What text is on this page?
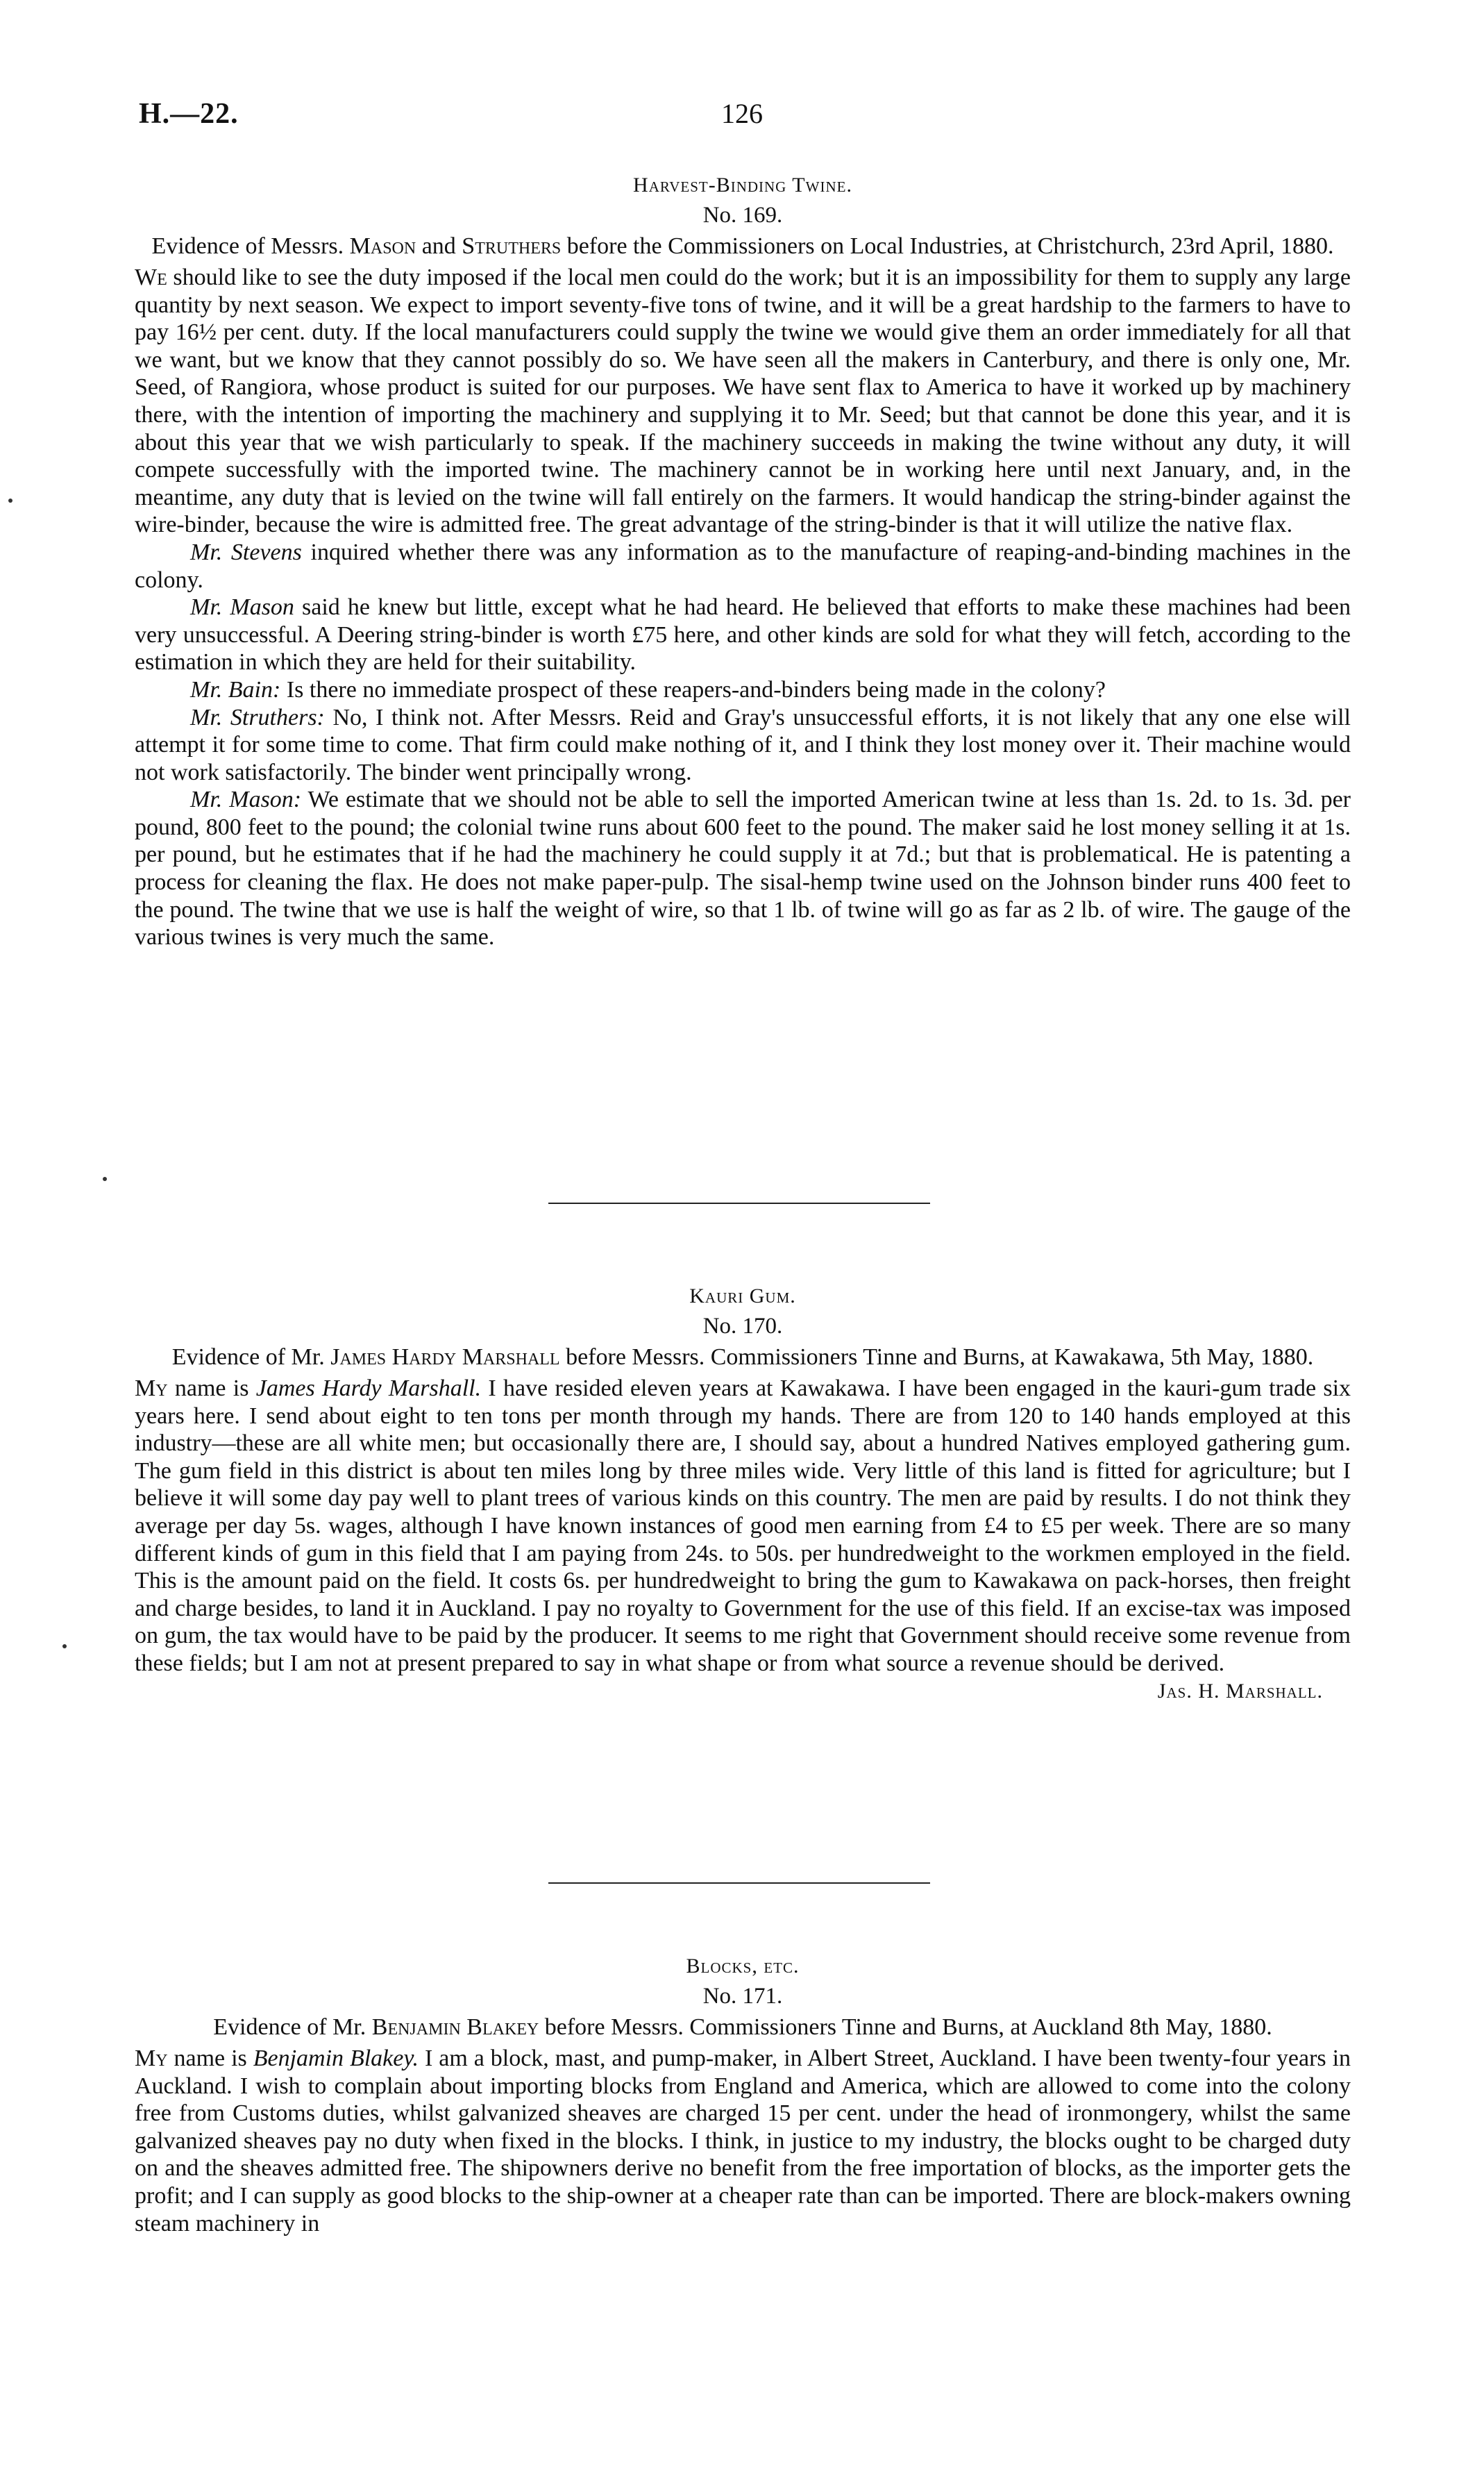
H.—22.	126

Harvest-Binding Twine.

No. 169.

Evidence of Messrs. Mason and Struthers before the Commissioners on Local Industries, at Christchurch, 23rd April, 1880.

We should like to see the duty imposed if the local men could do the work; but it is an impossibility for them to supply any large quantity by next season. We expect to import seventy-five tons of twine, and it will be a great hardship to the farmers to have to pay 16½ per cent. duty. If the local manufacturers could supply the twine we would give them an order immediately for all that we want, but we know that they cannot possibly do so. We have seen all the makers in Canterbury, and there is only one, Mr. Seed, of Rangiora, whose product is suited for our purposes. We have sent flax to America to have it worked up by machinery there, with the intention of importing the machinery and supplying it to Mr. Seed; but that cannot be done this year, and it is about this year that we wish particularly to speak. If the machinery succeeds in making the twine without any duty, it will compete successfully with the imported twine. The machinery cannot be in working here until next January, and, in the meantime, any duty that is levied on the twine will fall entirely on the farmers. It would handicap the string-binder against the wire-binder, because the wire is admitted free. The great advantage of the string-binder is that it will utilize the native flax.

Mr. Stevens inquired whether there was any information as to the manufacture of reaping-and-binding machines in the colony.

Mr. Mason said he knew but little, except what he had heard. He believed that efforts to make these machines had been very unsuccessful. A Deering string-binder is worth £75 here, and other kinds are sold for what they will fetch, according to the estimation in which they are held for their suitability.

Mr. Bain: Is there no immediate prospect of these reapers-and-binders being made in the colony?

Mr. Struthers: No, I think not. After Messrs. Reid and Gray's unsuccessful efforts, it is not likely that any one else will attempt it for some time to come. That firm could make nothing of it, and I think they lost money over it. Their machine would not work satisfactorily. The binder went principally wrong.

Mr. Mason: We estimate that we should not be able to sell the imported American twine at less than 1s. 2d. to 1s. 3d. per pound, 800 feet to the pound; the colonial twine runs about 600 feet to the pound. The maker said he lost money selling it at 1s. per pound, but he estimates that if he had the machinery he could supply it at 7d.; but that is problematical. He is patenting a process for cleaning the flax. He does not make paper-pulp. The sisal-hemp twine used on the Johnson binder runs 400 feet to the pound. The twine that we use is half the weight of wire, so that 1 lb. of twine will go as far as 2 lb. of wire. The gauge of the various twines is very much the same.

Kauri Gum.

No. 170.

Evidence of Mr. James Hardy Marshall before Messrs. Commissioners Tinne and Burns, at Kawakawa, 5th May, 1880.

My name is James Hardy Marshall. I have resided eleven years at Kawakawa. I have been engaged in the kauri-gum trade six years here. I send about eight to ten tons per month through my hands. There are from 120 to 140 hands employed at this industry—these are all white men; but occasionally there are, I should say, about a hundred Natives employed gathering gum. The gum field in this district is about ten miles long by three miles wide. Very little of this land is fitted for agriculture; but I believe it will some day pay well to plant trees of various kinds on this country. The men are paid by results. I do not think they average per day 5s. wages, although I have known instances of good men earning from £4 to £5 per week. There are so many different kinds of gum in this field that I am paying from 24s. to 50s. per hundredweight to the workmen employed in the field. This is the amount paid on the field. It costs 6s. per hundredweight to bring the gum to Kawakawa on pack-horses, then freight and charge besides, to land it in Auckland. I pay no royalty to Government for the use of this field. If an excise-tax was imposed on gum, the tax would have to be paid by the producer. It seems to me right that Government should receive some revenue from these fields; but I am not at present prepared to say in what shape or from what source a revenue should be derived.

Jas. H. Marshall.

Blocks, etc.

No. 171.

Evidence of Mr. Benjamin Blakey before Messrs. Commissioners Tinne and Burns, at Auckland 8th May, 1880.

My name is Benjamin Blakey. I am a block, mast, and pump-maker, in Albert Street, Auckland. I have been twenty-four years in Auckland. I wish to complain about importing blocks from England and America, which are allowed to come into the colony free from Customs duties, whilst galvanized sheaves are charged 15 per cent. under the head of ironmongery, whilst the same galvanized sheaves pay no duty when fixed in the blocks. I think, in justice to my industry, the blocks ought to be charged duty on and the sheaves admitted free. The shipowners derive no benefit from the free importation of blocks, as the importer gets the profit; and I can supply as good blocks to the ship-owner at a cheaper rate than can be imported. There are block-makers owning steam machinery in
